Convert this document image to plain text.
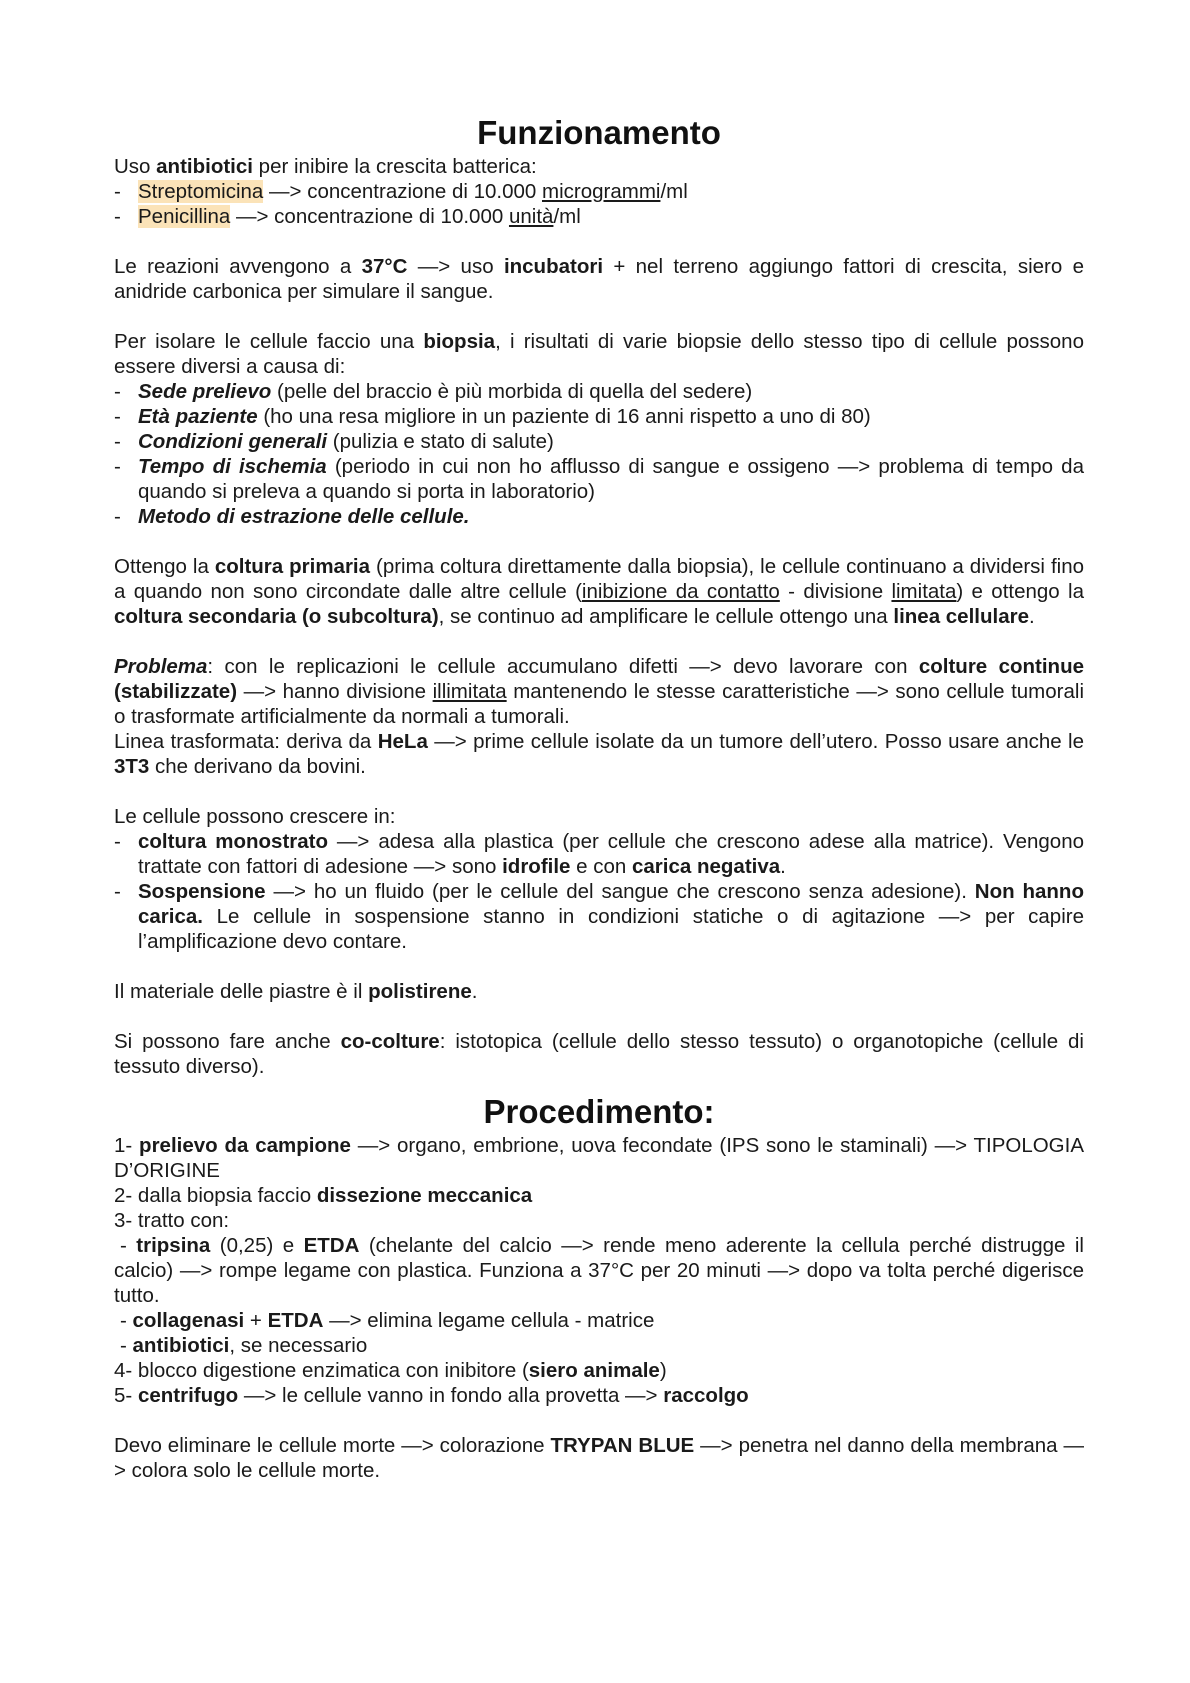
Funzionamento

Uso antibiotici per inibire la crescita batterica:

- Streptomicina —> concentrazione di 10.000 microgrammi/ml
- Penicillina —> concentrazione di 10.000 unità/ml

Le reazioni avvengono a 37°C —> uso incubatori + nel terreno aggiungo fattori di crescita, siero e anidride carbonica per simulare il sangue.

Per isolare le cellule faccio una biopsia, i risultati di varie biopsie dello stesso tipo di cellule possono essere diversi a causa di:

- Sede prelievo (pelle del braccio è più morbida di quella del sedere)
- Età paziente (ho una resa migliore in un paziente di 16 anni rispetto a uno di 80)
- Condizioni generali (pulizia e stato di salute)
- Tempo di ischemia (periodo in cui non ho afflusso di sangue e ossigeno —> problema di tempo da quando si preleva a quando si porta in laboratorio)
- Metodo di estrazione delle cellule.

Ottengo la coltura primaria (prima coltura direttamente dalla biopsia), le cellule continuano a dividersi fino a quando non sono circondate dalle altre cellule (inibizione da contatto - divisione limitata) e ottengo la coltura secondaria (o subcoltura), se continuo ad amplificare le cellule ottengo una linea cellulare.

Problema: con le replicazioni le cellule accumulano difetti —> devo lavorare con colture continue (stabilizzate) —> hanno divisione illimitata mantenendo le stesse caratteristiche —> sono cellule tumorali o trasformate artificialmente da normali a tumorali.

Linea trasformata: deriva da HeLa —> prime cellule isolate da un tumore dell’utero. Posso usare anche le 3T3 che derivano da bovini.

Le cellule possono crescere in:

- coltura monostrato —> adesa alla plastica (per cellule che crescono adese alla matrice). Vengono trattate con fattori di adesione —> sono idrofile e con carica negativa.
- Sospensione —> ho un fluido (per le cellule del sangue che crescono senza adesione). Non hanno carica. Le cellule in sospensione stanno in condizioni statiche o di agitazione —> per capire l’amplificazione devo contare.

Il materiale delle piastre è il polistirene.

Si possono fare anche co-colture: istotopica (cellule dello stesso tessuto) o organotopiche (cellule di tessuto diverso).

Procedimento:

1- prelievo da campione —> organo, embrione, uova fecondate (IPS sono le staminali) —> TIPOLOGIA D’ORIGINE

2- dalla biopsia faccio dissezione meccanica

3- tratto con:

- tripsina (0,25) e ETDA (chelante del calcio —> rende meno aderente la cellula perché distrugge il calcio) —> rompe legame con plastica. Funziona a 37°C per 20 minuti —> dopo va tolta perché digerisce tutto.

- collagenasi + ETDA —> elimina legame cellula - matrice

- antibiotici, se necessario

4- blocco digestione enzimatica con inibitore (siero animale)

5- centrifugo —> le cellule vanno in fondo alla provetta —> raccolgo

Devo eliminare le cellule morte —> colorazione TRYPAN BLUE —> penetra nel danno della membrana —> colora solo le cellule morte.
